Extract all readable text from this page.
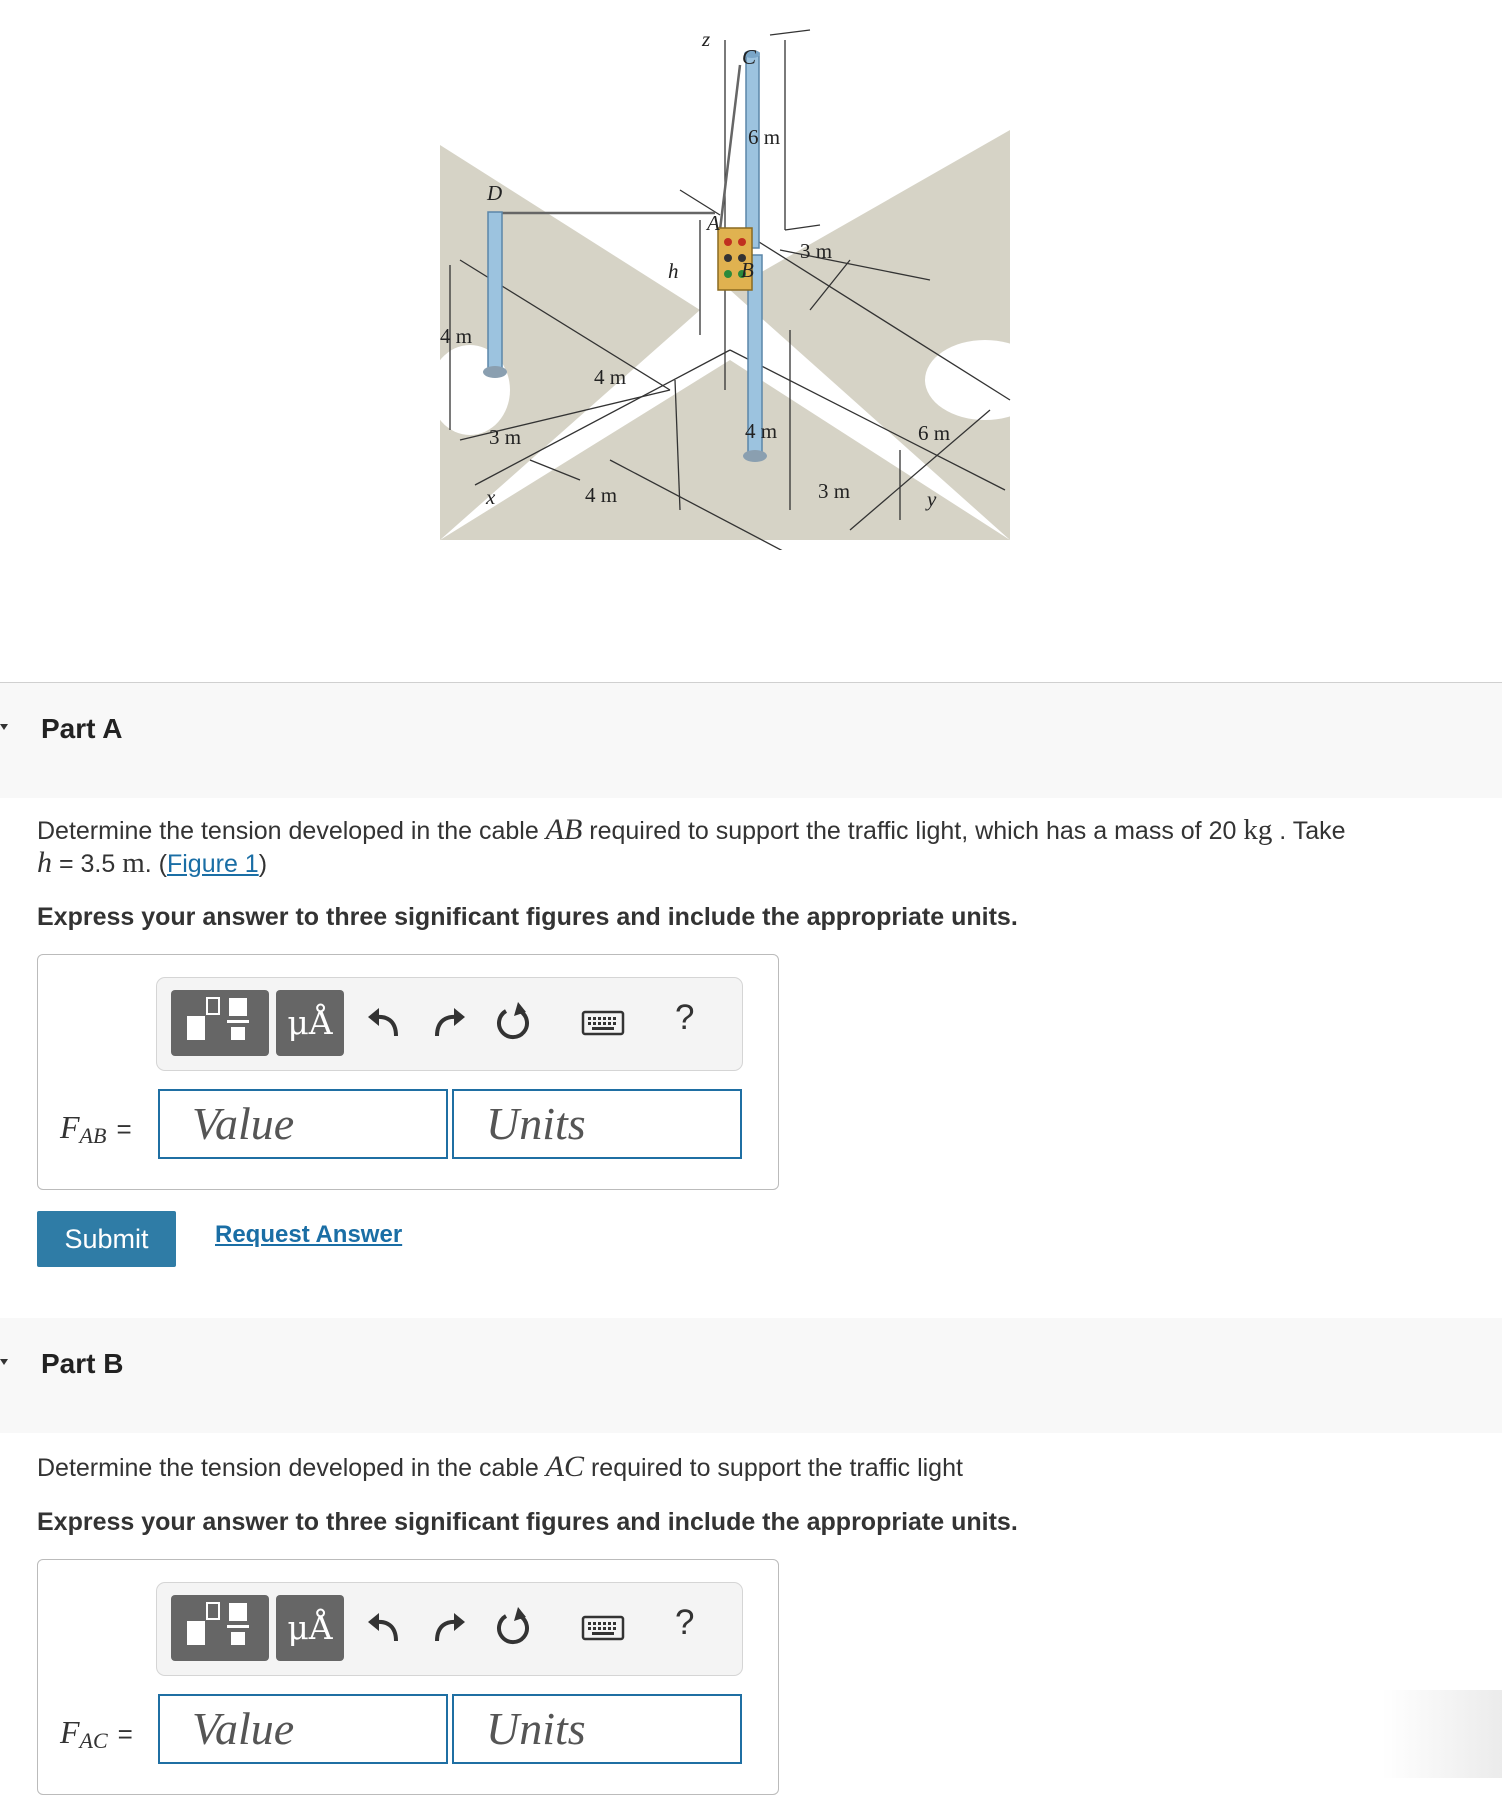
z
C
D
A
B
h
x	y
6 m
3 m
4 m
4 m
3 m	4 m	6 m
4 m	3 m
Part A
Determine the tension developed in the cable AB required to support the traffic light, which has a mass of 20 kg . Take
h = 3.5 m. (Figure 1)
Express your answer to three significant figures and include the appropriate units.
μÅ	?
$F_{AB}$ =	Value	Units
Submit	Request Answer
Part B
Determine the tension developed in the cable AC required to support the traffic light
Express your answer to three significant figures and include the appropriate units.
μÅ	?
$F_{AC}$ =	Value	Units
